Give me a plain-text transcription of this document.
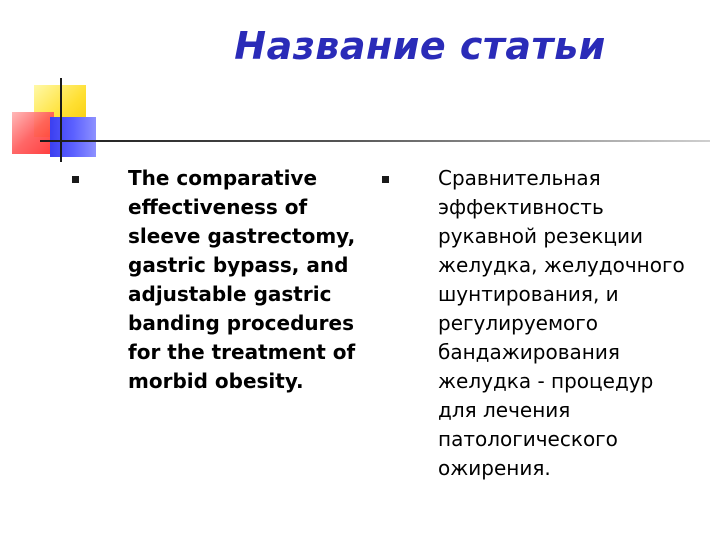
Название статьи
The comparative
effectiveness of
sleeve gastrectomy,
gastric bypass, and
adjustable gastric
banding procedures
for the treatment of
morbid obesity.
Сравнительная
эффективность
рукавной резекции
желудка, желудочного
шунтирования, и
регулируемого
бандажирования
желудка - процедур
для лечения
патологического
ожирения.
